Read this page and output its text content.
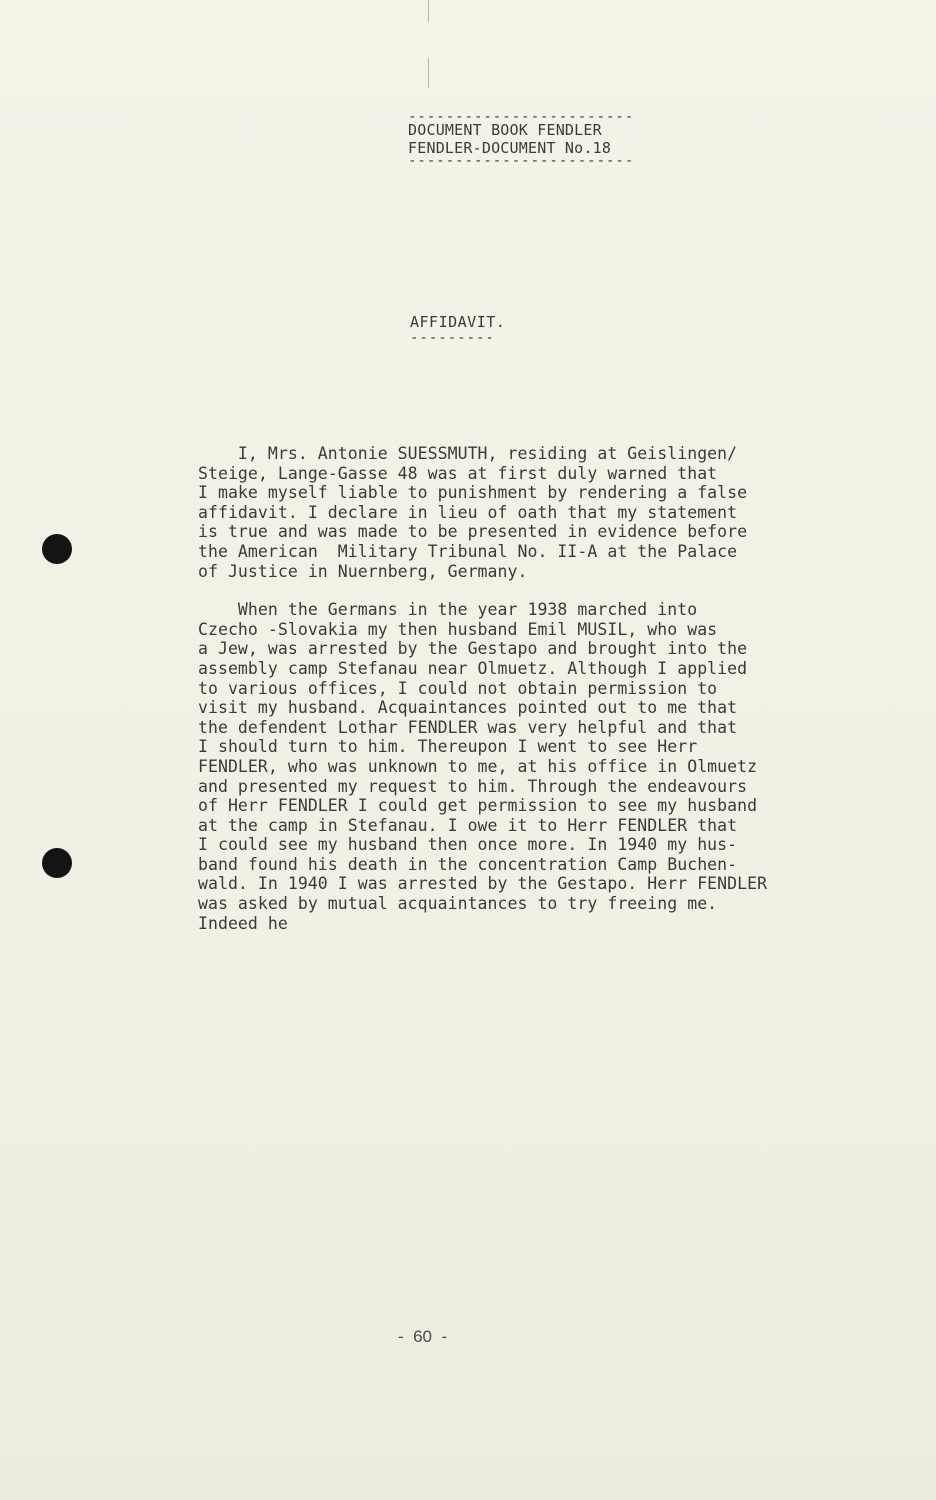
------------------------
DOCUMENT BOOK FENDLER
FENDLER-DOCUMENT No.18
------------------------
AFFIDAVIT.
---------
I, Mrs. Antonie SUESSMUTH, residing at Geislingen/
Steige, Lange-Gasse 48 was at first duly warned that
I make myself liable to punishment by rendering a false
affidavit. I declare in lieu of oath that my statement
is true and was made to be presented in evidence before
the American  Military Tribunal No. II-A at the Palace
of Justice in Nuernberg, Germany.
When the Germans in the year 1938 marched into
Czecho -Slovakia my then husband Emil MUSIL, who was
a Jew, was arrested by the Gestapo and brought into the
assembly camp Stefanau near Olmuetz. Although I applied
to various offices, I could not obtain permission to
visit my husband. Acquaintances pointed out to me that
the defendent Lothar FENDLER was very helpful and that
I should turn to him. Thereupon I went to see Herr
FENDLER, who was unknown to me, at his office in Olmuetz
and presented my request to him. Through the endeavours
of Herr FENDLER I could get permission to see my husband
at the camp in Stefanau. I owe it to Herr FENDLER that
I could see my husband then once more. In 1940 my hus-
band found his death in the concentration Camp Buchen-
wald. In 1940 I was arrested by the Gestapo. Herr FENDLER
was asked by mutual acquaintances to try freeing me.
Indeed he
-  60  -
